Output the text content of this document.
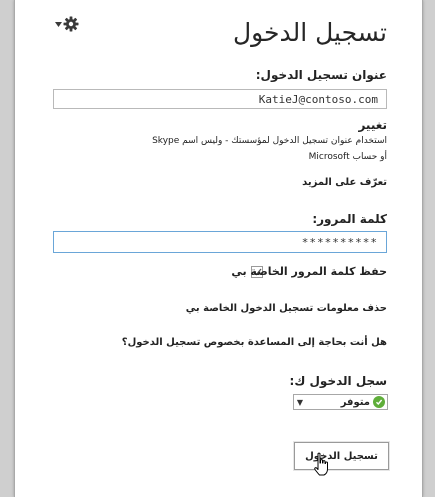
تسجيل الدخول
عنوان تسجيل الدخول:
KatieJ@contoso.com
تغيير
استخدام عنوان تسجيل الدخول لمؤسستك - وليس اسم Skype
أو حساب Microsoft
تعرّف على المزيد
كلمة المرور:
**********
حفظ كلمة المرور الخاصة بي
حذف معلومات تسجيل الدخول الخاصة بي
هل أنت بحاجة إلى المساعدة بخصوص تسجيل الدخول؟
سجل الدخول ك:
▼	متوفر
تسجيل الدخول
